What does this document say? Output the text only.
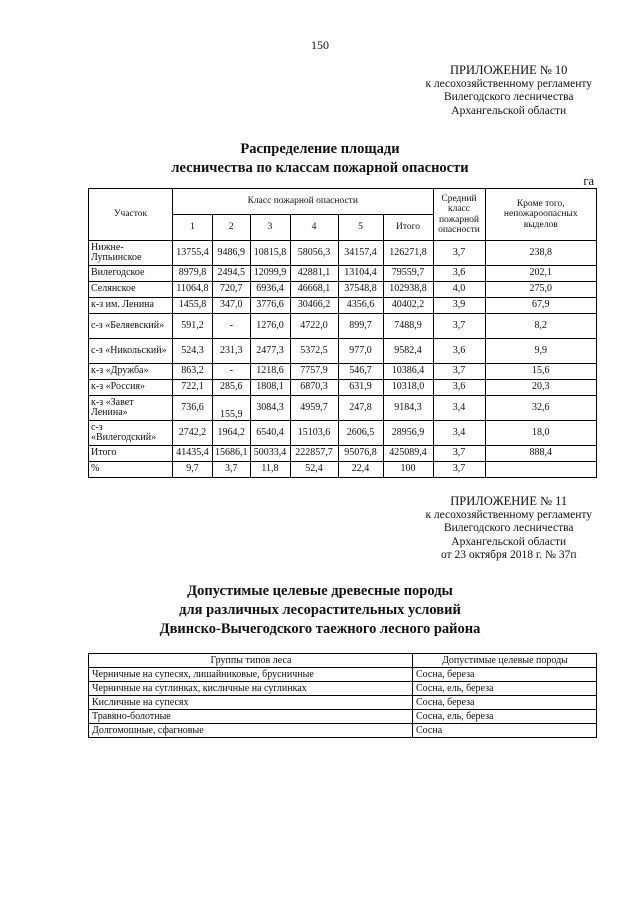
150
ПРИЛОЖЕНИЕ № 10
к лесохозяйственному регламенту
Вилегодского лесничества
Архангельской области
Распределение площади
лесничества по классам пожарной опасности
га
Участок	Класс пожарной опасности						Средний класс пожарной опасности	Кроме того, непожароопасных выделов
	1	2	3	4	5	Итого		
Нижне-Лупьинское	13755,4	9486,9	10815,8	58056,3	34157,4	126271,8	3,7	238,8
Вилегодское	8979,8	2494,5	12099,9	42881,1	13104,4	79559,7	3,6	202,1
Селянское	11064,8	720,7	6936,4	46668,1	37548,8	102938,8	4,0	275,0
к-з им. Ленина	1455,8	347,0	3776,6	30466,2	4356,6	40402,2	3,9	67,9
с-з «Беляевский»	591,2	-	1276,0	4722,0	899,7	7488,9	3,7	8,2
с-з «Никольский»	524,3	231,3	2477,3	5372,5	977,0	9582,4	3,6	9,9
к-з «Дружба»	863,2	-	1218,6	7757,9	546,7	10386,4	3,7	15,6
к-з «Россия»	722,1	285,6	1808,1	6870,3	631,9	10318,0	3,6	20,3
к-з «Завет Ленина»	736,6	155,9	3084,3	4959,7	247,8	9184,3	3,4	32,6
с-з «Вилегодский»	2742,2	1964,2	6540,4	15103,6	2606,5	28956,9	3,4	18,0
Итого	41435,4	15686,1	50033,4	222857,7	95076,8	425089,4	3,7	888,4
%	9,7	3,7	11,8	52,4	22,4	100	3,7	
ПРИЛОЖЕНИЕ № 11
к лесохозяйственному регламенту
Вилегодского лесничества
Архангельской области
от 23 октября 2018 г. № 37п
Допустимые целевые древесные породы
для различных лесорастительных условий
Двинско-Вычегодского таежного лесного района
Группы типов леса	Допустимые целевые породы
Черничные на супесях, лишайниковые, брусничные	Сосна, береза
Черничные на суглинках, кисличные на суглинках	Сосна, ель, береза
Кисличные на супесях	Сосна, береза
Травяно-болотные	Сосна, ель, береза
Долгомошные, сфагновые	Сосна
